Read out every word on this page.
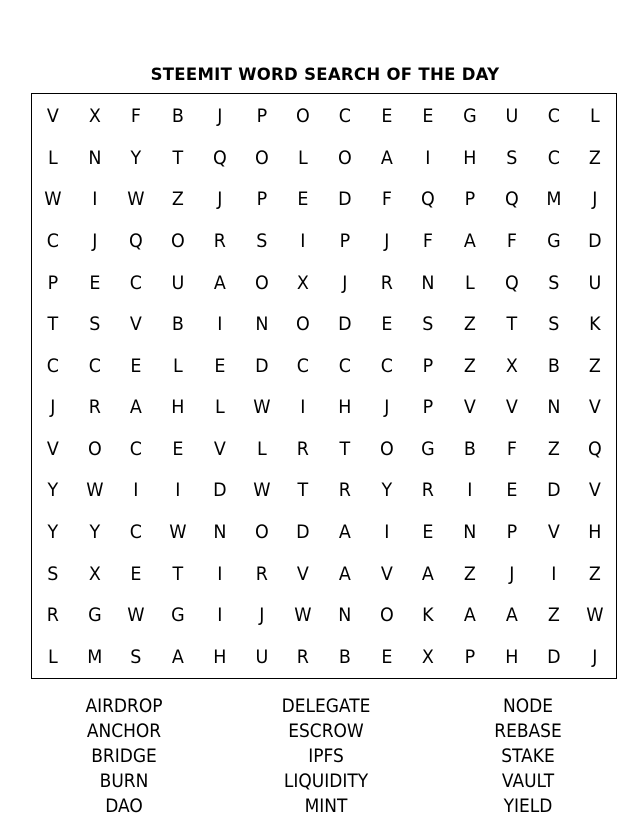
STEEMIT WORD SEARCH OF THE DAY
V	X	F	B	J	P	O	C	E	E	G	U	C	L
L	N	Y	T	Q	O	L	O	A	I	H	S	C	Z
W	I	W	Z	J	P	E	D	F	Q	P	Q	M	J
C	J	Q	O	R	S	I	P	J	F	A	F	G	D
P	E	C	U	A	O	X	J	R	N	L	Q	S	U
T	S	V	B	I	N	O	D	E	S	Z	T	S	K
C	C	E	L	E	D	C	C	C	P	Z	X	B	Z
J	R	A	H	L	W	I	H	J	P	V	V	N	V
V	O	C	E	V	L	R	T	O	G	B	F	Z	Q
Y	W	I	I	D	W	T	R	Y	R	I	E	D	V
Y	Y	C	W	N	O	D	A	I	E	N	P	V	H
S	X	E	T	I	R	V	A	V	A	Z	J	I	Z
R	G	W	G	I	J	W	N	O	K	A	A	Z	W
L	M	S	A	H	U	R	B	E	X	P	H	D	J
AIRDROP
ANCHOR
BRIDGE
BURN
DAO
DELEGATE
ESCROW
IPFS
LIQUIDITY
MINT
NODE
REBASE
STAKE
VAULT
YIELD
